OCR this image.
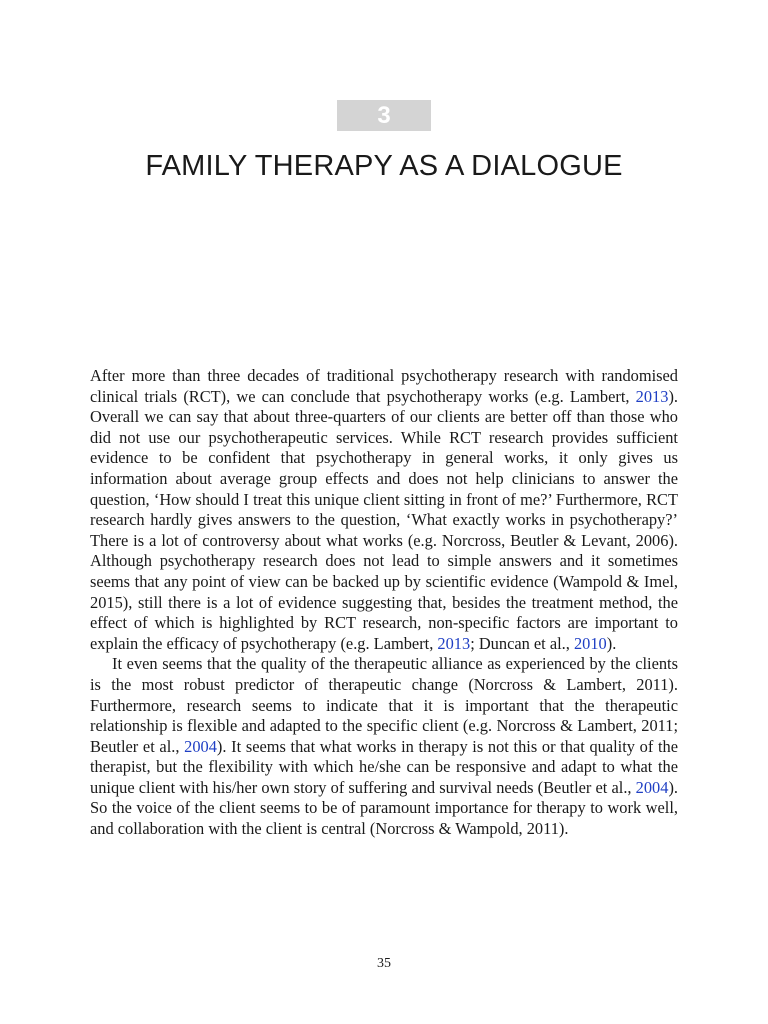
3
FAMILY THERAPY AS A DIALOGUE

After more than three decades of traditional psychotherapy research with randomised clinical trials (RCT), we can conclude that psychotherapy works (e.g. Lambert, 2013). Overall we can say that about three-quarters of our clients are better off than those who did not use our psychotherapeutic services. While RCT research provides sufficient evidence to be confident that psychotherapy in general works, it only gives us information about average group effects and does not help clinicians to answer the question, ‘How should I treat this unique client sitting in front of me?’ Furthermore, RCT research hardly gives answers to the question, ‘What exactly works in psychotherapy?’ There is a lot of controversy about what works (e.g. Norcross, Beutler & Levant, 2006). Although psychotherapy research does not lead to simple answers and it sometimes seems that any point of view can be backed up by scientific evidence (Wampold & Imel, 2015), still there is a lot of evidence suggesting that, besides the treatment method, the effect of which is highlighted by RCT research, non-specific factors are important to explain the efficacy of psychotherapy (e.g. Lambert, 2013; Duncan et al., 2010).

It even seems that the quality of the therapeutic alliance as experienced by the clients is the most robust predictor of therapeutic change (Norcross & Lambert, 2011). Furthermore, research seems to indicate that it is important that the therapeutic relationship is flexible and adapted to the specific client (e.g. Norcross & Lambert, 2011; Beutler et al., 2004). It seems that what works in therapy is not this or that quality of the therapist, but the flexibility with which he/she can be responsive and adapt to what the unique client with his/her own story of suffering and survival needs (Beutler et al., 2004). So the voice of the client seems to be of paramount importance for therapy to work well, and collaboration with the client is central (Norcross & Wampold, 2011).

35
